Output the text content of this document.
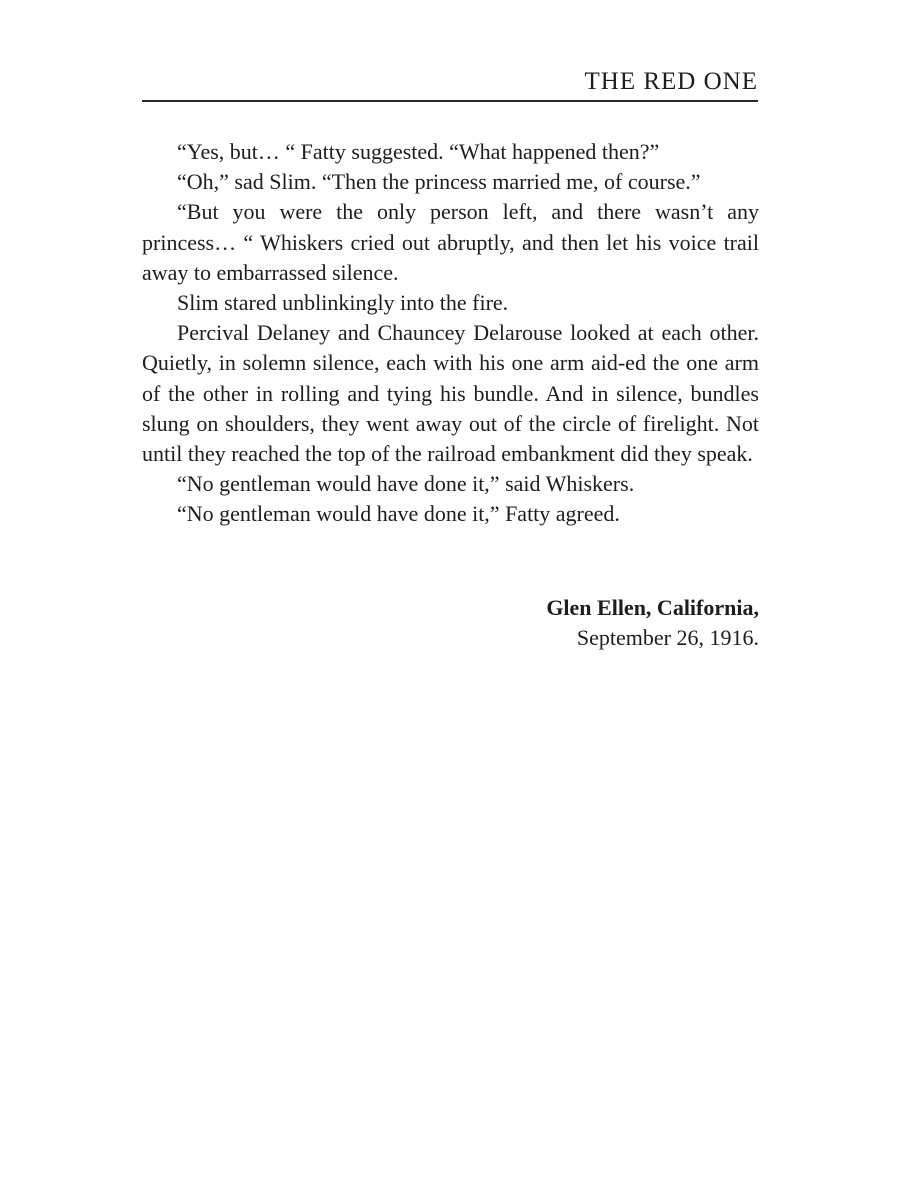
THE RED ONE

“Yes, but… “ Fatty suggested. “What happened then?”

“Oh,” sad Slim. “Then the princess married me, of course.”

“But you were the only person left, and there wasn’t any princess… “ Whiskers cried out abruptly, and then let his voice trail away to embarrassed silence.

Slim stared unblinkingly into the fire.

Percival Delaney and Chauncey Delarouse looked at each other. Quietly, in solemn silence, each with his one arm aid-ed the one arm of the other in rolling and tying his bundle. And in silence, bundles slung on shoulders, they went away out of the circle of firelight. Not until they reached the top of the railroad embankment did they speak.

“No gentleman would have done it,” said Whiskers.

“No gentleman would have done it,” Fatty agreed.

Glen Ellen, California,
September 26, 1916.
